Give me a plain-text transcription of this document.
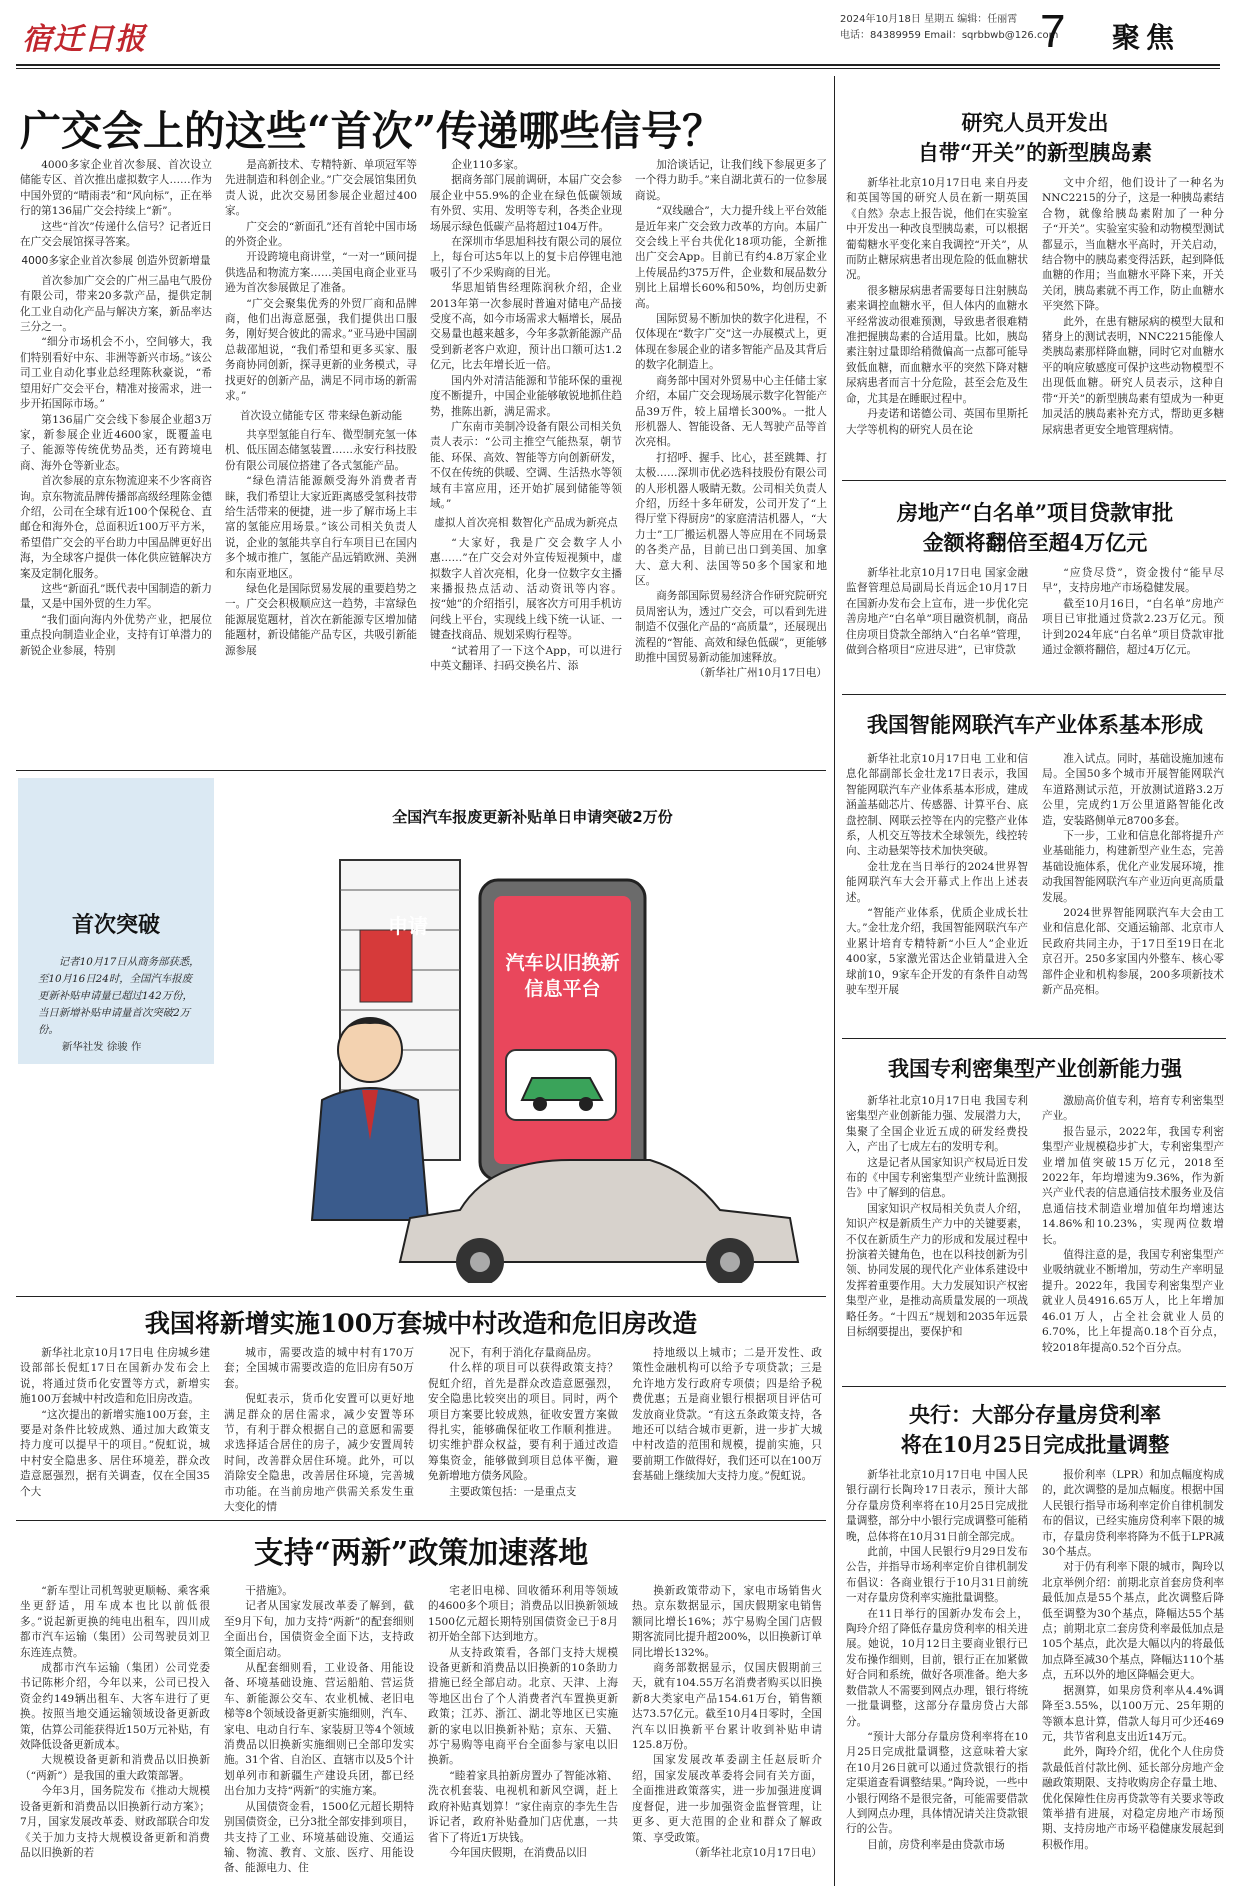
宿迁日报
2024年10月18日 星期五 编辑：任丽霄
电话：84389959 Email：sqrbbwb@126.com
7 聚焦
广交会上的这些“首次”传递哪些信号？

4000多家企业首次参展、首次设立储能专区、首次推出虚拟数字人……作为中国外贸的“晴雨表”和“风向标”，正在举行的第136届广交会持续上“新”。

这些“首次”传递什么信号？记者近日在广交会展馆探寻答案。

4000多家企业首次参展 创造外贸新增量

首次参加广交会的广州三晶电气股份有限公司，带来20多款产品，提供定制化工业自动化产品与解决方案，新品率达三分之一。

“细分市场机会不小，空间够大，我们特别看好中东、非洲等新兴市场。”该公司工业自动化事业总经理陈秋豪说，“希望用好广交会平台，精准对接需求，进一步开拓国际市场。”

第136届广交会线下参展企业超3万家，新参展企业近4600家，既覆盖电子、能源等传统优势品类，还有跨境电商、海外仓等新业态。

首次参展的京东物流迎来不少客商咨询。京东物流品牌传播部高级经理陈金德介绍，公司在全球有近100个保税仓、直邮仓和海外仓，总面积近100万平方米，希望借广交会的平台助力中国品牌更好出海，为全球客户提供一体化供应链解决方案及定制化服务。

这些“新面孔”既代表中国制造的新力量，又是中国外贸的生力军。

“我们面向海内外优势产业，把展位重点投向制造业企业，支持有订单潜力的新锐企业参展，特别

是高新技术、专精特新、单项冠军等先进制造和科创企业。”广交会展馆集团负责人说，此次交易团参展企业超过400家。

广交会的“新面孔”还有首轮中国市场的外资企业。

开设跨境电商讲堂，“一对一”顾问提供选品和物流方案……美国电商企业亚马逊为首次参展做足了准备。

“广交会聚集优秀的外贸厂商和品牌商，他们出海意愿强，我们提供出口服务，刚好契合彼此的需求。”亚马逊中国副总裁邵旭说，“我们希望和更多买家、服务商协同创新，探寻更新的业务模式，寻找更好的创新产品，满足不同市场的新需求。”

首次设立储能专区 带来绿色新动能

共享型氢能自行车、微型制充氢一体机、低压固态储氢装置……永安行科技股份有限公司展位搭建了各式氢能产品。

“绿色清洁能源颇受海外消费者青睐，我们希望让大家近距离感受氢科技带给生活带来的便捷，进一步了解市场上丰富的氢能应用场景。”该公司相关负责人说，企业的氢能共享自行车项目已在国内多个城市推广，氢能产品远销欧洲、美洲和东南亚地区。

绿色化是国际贸易发展的重要趋势之一。广交会积极顺应这一趋势，丰富绿色能源展览题材，首次在新能源专区增加储能题材，新设储能产品专区，共吸引新能源参展

企业110多家。

据商务部门展前调研，本届广交会参展企业中55.9%的企业在绿色低碳领域有外贸、实用、发明等专利，各类企业现场展示绿色低碳产品将超过104万件。

在深圳市华思旭科技有限公司的展位上，每台可达5年以上的复卡启停锂电池吸引了不少采购商的目光。

华思旭销售经理陈润秋介绍，企业2013年第一次参展时普遍对储电产品接受度不高，如今市场需求大幅增长，展品交易量也越来越多，今年多款新能源产品受到新老客户欢迎，预计出口额可达1.2亿元，比去年增长近一倍。

国内外对清洁能源和节能环保的重视度不断提升，中国企业能够敏锐地抓住趋势，推陈出新，满足需求。

广东南市美制冷设备有限公司相关负责人表示：“公司主推空气能热泵，朝节能、环保、高效、智能等方向创新研发，不仅在传统的供暖、空调、生活热水等领域有丰富应用，还开始扩展到储能等领域。”

虚拟人首次亮相 数智化产品成为新亮点

“大家好，我是广交会数字人小惠……”在广交会对外宣传短视频中，虚拟数字人首次亮相，化身一位数字女主播来播报热点活动、活动资讯等内容。按“她”的介绍指引，展客次方可用手机访问线上平台，实现线上线下统一认证、一键查找商品、规划采购行程等。

“试着用了一下这个App，可以进行中英文翻译、扫码交换名片、添

加洽谈话记，让我们线下参展更多了一个得力助手。”来自湖北黄石的一位参展商说。

“双线融合”，大力提升线上平台效能是近年来广交会致力改革的方向。本届广交会线上平台共优化18项功能，全新推出广交会App。目前已有约4.8万家企业上传展品约375万件，企业数和展品数分别比上届增长60%和50%，均创历史新高。

国际贸易不断加快的数字化进程，不仅体现在“数字广交”这一办展模式上，更体现在参展企业的诸多智能产品及其背后的数字化制造上。

商务部中国对外贸易中心主任储士家介绍，本届广交会现场展示数字化智能产品39万件，较上届增长300%。一批人形机器人、智能设备、无人驾驶产品等首次亮相。

打招呼、握手、比心，甚至跳舞、打太极……深圳市优必选科技股份有限公司的人形机器人吸睛无数。公司相关负责人介绍，历经十多年研发，公司开发了“上得厅堂下得厨房”的家庭清洁机器人，“大力士”工厂搬运机器人等应用在不同场景的各类产品，目前已出口到美国、加拿大、意大利、法国等50多个国家和地区。

商务部国际贸易经济合作研究院研究员周密认为，透过广交会，可以看到先进制造不仅强化产品的“高质量”，还展现出流程的“智能、高效和绿色低碳”，更能够助推中国贸易新动能加速释放。

（新华社广州10月17日电）

研究人员开发出
自带“开关”的新型胰岛素

新华社北京10月17日电 来自丹麦和英国等国的研究人员在新一期英国《自然》杂志上报告说，他们在实验室中开发出一种改良型胰岛素，可以根据葡萄糖水平变化来自我调控“开关”，从而防止糖尿病患者出现危险的低血糖状况。

很多糖尿病患者需要每日注射胰岛素来调控血糖水平，但人体内的血糖水平经常波动很难预测，导致患者很难精准把握胰岛素的合适用量。比如，胰岛素注射过量即给稍微偏高一点都可能导致低血糖，而血糖水平的突然下降对糖尿病患者而言十分危险，甚至会危及生命，尤其是在睡眠过程中。

丹麦诺和诺德公司、英国布里斯托大学等机构的研究人员在论

文中介绍，他们设计了一种名为NNC2215的分子，这是一种胰岛素结合物，就像给胰岛素附加了一种分子“开关”。实验室实验和动物模型测试都显示，当血糖水平高时，开关启动，结合物中的胰岛素变得活跃，起到降低血糖的作用；当血糖水平降下来，开关关闭，胰岛素就不再工作，防止血糖水平突然下降。

此外，在患有糖尿病的模型大鼠和猪身上的测试表明，NNC2215能像人类胰岛素那样降血糖，同时它对血糖水平的响应敏感度可保护这些动物模型不出现低血糖。研究人员表示，这种自带“开关”的新型胰岛素有望成为一种更加灵活的胰岛素补充方式，帮助更多糖尿病患者更安全地管理病情。

房地产“白名单”项目贷款审批
金额将翻倍至超4万亿元

新华社北京10月17日电 国家金融监督管理总局副局长肖远企10月17日在国新办发布会上宣布，进一步优化完善房地产“白名单”项目融资机制，商品住房项目贷款全部纳入“白名单”管理，做到合格项目“应进尽进”，已审贷款

“应贷尽贷”，资金拨付“能早尽早”，支持房地产市场稳健发展。

截至10月16日，“白名单”房地产项目已审批通过贷款2.23万亿元。预计到2024年底“白名单”项目贷款审批通过金额将翻倍，超过4万亿元。

我国智能网联汽车产业体系基本形成

新华社北京10月17日电 工业和信息化部副部长金壮龙17日表示，我国智能网联汽车产业体系基本形成，建成涵盖基础芯片、传感器、计算平台、底盘控制、网联云控等在内的完整产业体系，人机交互等技术全球领先，线控转向、主动悬架等技术加快突破。

金壮龙在当日举行的2024世界智能网联汽车大会开幕式上作出上述表述。

“智能产业体系，优质企业成长壮大。”金壮龙介绍，我国智能网联汽车产业累计培育专精特新“小巨人”企业近400家，5家激光雷达企业销量进入全球前10，9家车企开发的有条件自动驾驶车型开展

准入试点。同时，基础设施加速布局。全国50多个城市开展智能网联汽车道路测试示范，开放测试道路3.2万公里，完成约1万公里道路智能化改造，安装路侧单元8700多套。

下一步，工业和信息化部将提升产业基础能力，构建新型产业生态，完善基础设施体系，优化产业发展环境，推动我国智能网联汽车产业迈向更高质量发展。

2024世界智能网联汽车大会由工业和信息化部、交通运输部、北京市人民政府共同主办，于17日至19日在北京召开。250多家国内外整车、核心零部件企业和机构参展，200多项新技术新产品亮相。

我国专利密集型产业创新能力强

新华社北京10月17日电 我国专利密集型产业创新能力强、发展潜力大，集聚了全国企业近五成的研发经费投入，产出了七成左右的发明专利。

这是记者从国家知识产权局近日发布的《中国专利密集型产业统计监测报告》中了解到的信息。

国家知识产权局相关负责人介绍，知识产权是新质生产力中的关键要素，不仅在新质生产力的形成和发展过程中扮演着关键角色，也在以科技创新为引领、协同发展的现代化产业体系建设中发挥着重要作用。大力发展知识产权密集型产业，是推动高质量发展的一项战略任务。“十四五”规划和2035年远景目标纲要提出，要保护和

激励高价值专利，培育专利密集型产业。

报告显示，2022年，我国专利密集型产业规模稳步扩大，专利密集型产业增加值突破15万亿元，2018至2022年，年均增速为9.36%，作为新兴产业代表的信息通信技术服务业及信息通信技术制造业增加值年均增速达14.86%和10.23%，实现两位数增长。

值得注意的是，我国专利密集型产业吸纳就业不断增加，劳动生产率明显提升。2022年，我国专利密集型产业就业人员4916.65万人，比上年增加46.01万人，占全社会就业人员的6.70%，比上年提高0.18个百分点，较2018年提高0.52个百分点。

央行：大部分存量房贷利率
将在10月25日完成批量调整

新华社北京10月17日电 中国人民银行副行长陶玲17日表示，预计大部分存量房贷利率将在10月25日完成批量调整，部分中小银行完成调整可能稍晚，总体将在10月31日前全部完成。

此前，中国人民银行9月29日发布公告，并指导市场利率定价自律机制发布倡议：各商业银行于10月31日前统一对存量房贷利率实施批量调整。

在11日举行的国新办发布会上，陶玲介绍了降低存量房贷利率的相关进展。她说，10月12日主要商业银行已发布操作细则，目前，银行正在加紧做好合同和系统，做好各项准备。绝大多数借款人不需要到网点办理，银行将统一批量调整，这部分存量房贷占大部分。

“预计大部分存量房贷利率将在10月25日完成批量调整，这意味着大家在10月26日就可以通过贷款银行的指定渠道查看调整结果。”陶玲说，一些中小银行网络不是很完备，可能需要借款人到网点办理，具体情况请关注贷款银行的公告。

目前，房贷利率是由贷款市场

报价利率（LPR）和加点幅度构成的，此次调整的是加点幅度。根据中国人民银行指导市场利率定价自律机制发布的倡议，已经实施房贷利率下限的城市，存量房贷利率将降为不低于LPR减30个基点。

对于仍有利率下限的城市，陶玲以北京举例介绍：前期北京首套房贷利率最低加点是55个基点，此次调整后降低至调整为30个基点，降幅达55个基点；前期北京二套房贷利率最低加点是105个基点，此次是大幅以内的将最低加点降至减30个基点，降幅达110个基点，五环以外的地区降幅会更大。

据测算，如果房贷利率从4.4%调降至3.55%，以100万元、25年期的等额本息计算，借款人每月可少还469元，共节省利息支出近14万元。

此外，陶玲介绍，优化个人住房贷款最低首付款比例、延长部分房地产金融政策期限、支持收购房企存量土地、优化保障性住房再贷款等有关要求等政策举措有进展，对稳定房地产市场预期、支持房地产市场平稳健康发展起到积极作用。

首次突破
记者10月17日从商务部获悉，至10月16日24时，全国汽车报废更新补贴申请量已超过142万份，当日新增补贴申请量首次突破2万份。
新华社发 徐骏 作
申请
汽车以旧换新
信息平台
全国汽车报废更新补贴单日申请突破2万份
我国将新增实施100万套城中村改造和危旧房改造

新华社北京10月17日电 住房城乡建设部部长倪虹17日在国新办发布会上说，将通过货币化安置等方式，新增实施100万套城中村改造和危旧房改造。

“这次提出的新增实施100万套，主要是对条件比较成熟、通过加大政策支持力度可以提早干的项目。”倪虹说，城中村安全隐患多、居住环境差，群众改造意愿强烈，据有关调查，仅在全国35个大

城市，需要改造的城中村有170万套；全国城市需要改造的危旧房有50万套。

倪虹表示，货币化安置可以更好地满足群众的居住需求，减少安置等环节，有利于群众根据自己的意愿和需要求选择适合居住的房子，减少安置周转时间，改善群众居住环境。此外，可以消除安全隐患，改善居住环境，完善城市功能。在当前房地产供需关系发生重大变化的情

况下，有利于消化存量商品房。

什么样的项目可以获得政策支持？倪虹介绍，首先是群众改造意愿强烈，安全隐患比较突出的项目。同时，两个项目方案要比较成熟，征收安置方案做得扎实，能够确保征收工作顺利推进。切实维护群众权益，要有利于通过改造筹集资金，能够做到项目总体平衡，避免新增地方债务风险。

主要政策包括：一是重点支

持地级以上城市；二是开发性、政策性金融机构可以给予专项贷款；三是允许地方发行政府专项债；四是给予税费优惠；五是商业银行根据项目评估可发放商业贷款。“有这五条政策支持，各地还可以结合城市更新，进一步扩大城中村改造的范围和规模，提前实施，只要前期工作做得好，我们还可以在100万套基础上继续加大支持力度。”倪虹说。

支持“两新”政策加速落地

“新车型让司机驾驶更顺畅、乘客乘坐更舒适，用车成本也比以前低很多。”说起新更换的纯电出租车，四川成都市汽车运输（集团）公司驾驶员刘卫东连连点赞。

成都市汽车运输（集团）公司党委书记陈彬介绍，今年以来，公司已投入资金约149辆出租车、大客车进行了更换。按照当地交通运输领域设备更新政策，估算公司能获得近150万元补贴，有效降低设备更新成本。

大规模设备更新和消费品以旧换新（“两新”）是我国的重大政策部署。

今年3月，国务院发布《推动大规模设备更新和消费品以旧换新行动方案》；7月，国家发展改革委、财政部联合印发《关于加力支持大规模设备更新和消费品以旧换新的若

干措施》。

记者从国家发展改革委了解到，截至9月下旬，加力支持“两新”的配套细则全面出台，国债资金全面下达，支持政策全面启动。

从配套细则看，工业设备、用能设备、环境基础设施、营运船舶、营运货车、新能源公交车、农业机械、老旧电梯等8个领域设备更新实施细则，汽车、家电、电动自行车、家装厨卫等4个领域消费品以旧换新实施细则已全部印发实施。31个省、自治区、直辖市以及5个计划单列市和新疆生产建设兵团，都已经出台加力支持“两新”的实施方案。

从国债资金看，1500亿元超长期特别国债资金，已分3批全部安排到项目，共支持了工业、环境基础设施、交通运输、物流、教育、文旅、医疗、用能设备、能源电力、住

宅老旧电梯、回收循环利用等领域的4600多个项目；消费品以旧换新领域1500亿元超长期特别国债资金已于8月初开始全部下达到地方。

从支持政策看，各部门支持大规模设备更新和消费品以旧换新的10条助力措施已经全部启动。北京、天津、上海等地区出台了个人消费者汽车置换更新政策；江苏、浙江、湖北等地区已实施新的家电以旧换新补贴；京东、天猫、苏宁易购等电商平台全面参与家电以旧换新。

“睦着家具拍新房置办了智能冰箱、洗衣机套装、电视机和新风空调，赶上政府补贴真划算！”家住南京的李先生告诉记者，政府补贴叠加门店优惠，一共省下了将近1万块钱。

今年国庆假期，在消费品以旧

换新政策带动下，家电市场销售火热。京东数据显示，国庆假期家电销售额同比增长16%；苏宁易购全国门店假期客流同比提升超200%，以旧换新订单同比增长132%。

商务部数据显示，仅国庆假期前三天，就有104.55万名消费者购买以旧换新8大类家电产品154.61万台，销售额达73.57亿元。截至10月4日零时，全国汽车以旧换新平台累计收到补贴申请125.8万份。

国家发展改革委副主任赵辰昕介绍，国家发展改革委将会同有关方面，全面推进政策落实，进一步加强进度调度督促，进一步加强资金监督管理，让更多、更大范围的企业和群众了解政策、享受政策。

（新华社北京10月17日电）
